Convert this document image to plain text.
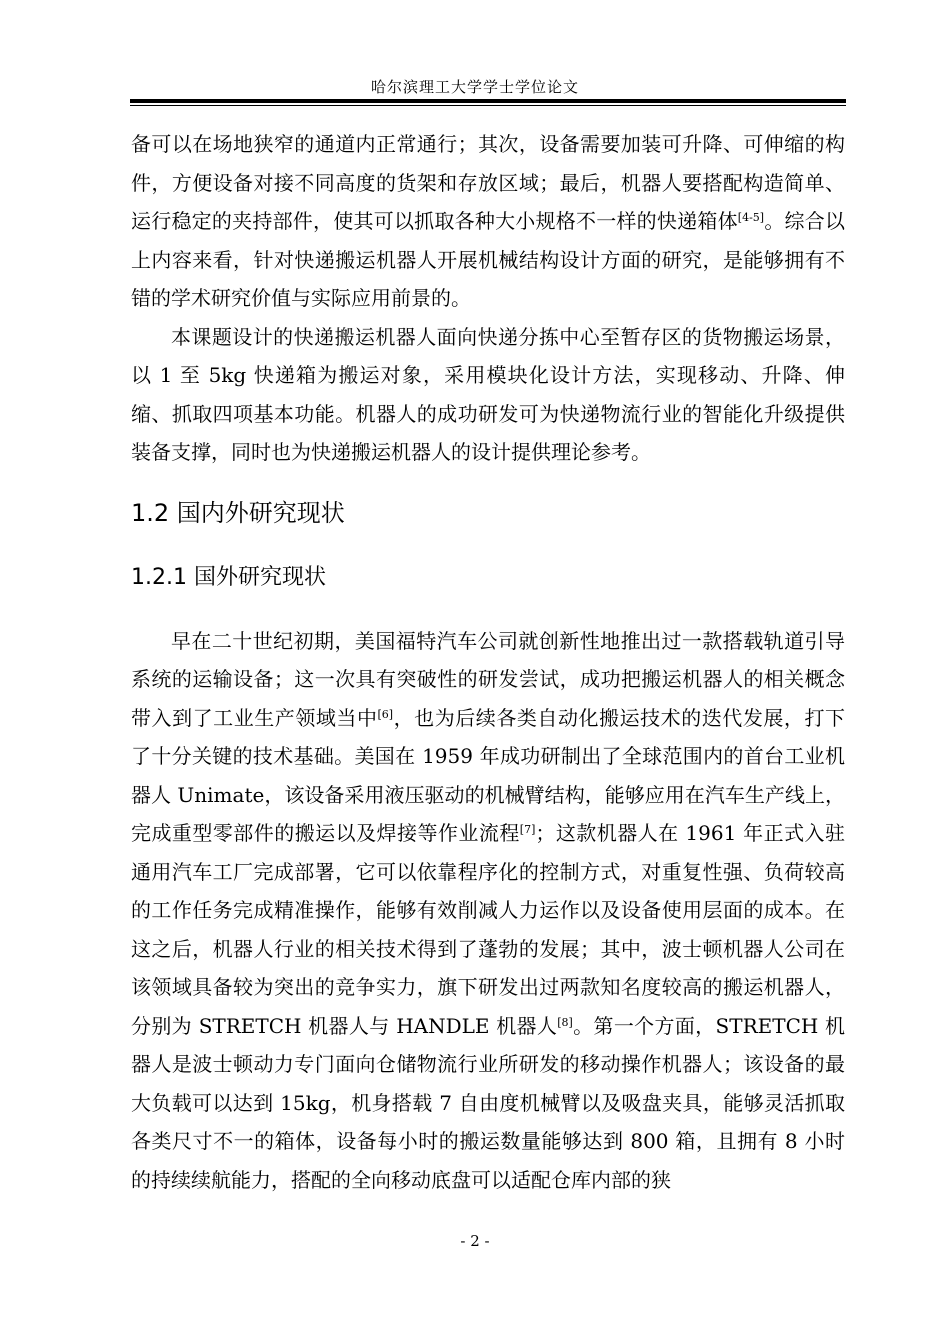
哈尔滨理工大学学士学位论文

备可以在场地狭窄的通道内正常通行；其次，设备需要加装可升降、可伸缩的构件，方便设备对接不同高度的货架和存放区域；最后，机器人要搭配构造简单、运行稳定的夹持部件，使其可以抓取各种大小规格不一样的快递箱体[4-5]。综合以上内容来看，针对快递搬运机器人开展机械结构设计方面的研究，是能够拥有不错的学术研究价值与实际应用前景的。

本课题设计的快递搬运机器人面向快递分拣中心至暂存区的货物搬运场景，以 1 至 5kg 快递箱为搬运对象，采用模块化设计方法，实现移动、升降、伸缩、抓取四项基本功能。机器人的成功研发可为快递物流行业的智能化升级提供装备支撑，同时也为快递搬运机器人的设计提供理论参考。

1.2 国内外研究现状
1.2.1 国外研究现状

早在二十世纪初期，美国福特汽车公司就创新性地推出过一款搭载轨道引导系统的运输设备；这一次具有突破性的研发尝试，成功把搬运机器人的相关概念带入到了工业生产领域当中[6]，也为后续各类自动化搬运技术的迭代发展，打下了十分关键的技术基础。美国在 1959 年成功研制出了全球范围内的首台工业机器人 Unimate，该设备采用液压驱动的机械臂结构，能够应用在汽车生产线上，完成重型零部件的搬运以及焊接等作业流程[7]；这款机器人在 1961 年正式入驻通用汽车工厂完成部署，它可以依靠程序化的控制方式，对重复性强、负荷较高的工作任务完成精准操作，能够有效削减人力运作以及设备使用层面的成本。在这之后，机器人行业的相关技术得到了蓬勃的发展；其中，波士顿机器人公司在该领域具备较为突出的竞争实力，旗下研发出过两款知名度较高的搬运机器人，分别为 STRETCH 机器人与 HANDLE 机器人[8]。第一个方面，STRETCH 机器人是波士顿动力专门面向仓储物流行业所研发的移动操作机器人；该设备的最大负载可以达到 15kg，机身搭载 7 自由度机械臂以及吸盘夹具，能够灵活抓取各类尺寸不一的箱体，设备每小时的搬运数量能够达到 800 箱，且拥有 8 小时的持续续航能力，搭配的全向移动底盘可以适配仓库内部的狭

- 2 -
